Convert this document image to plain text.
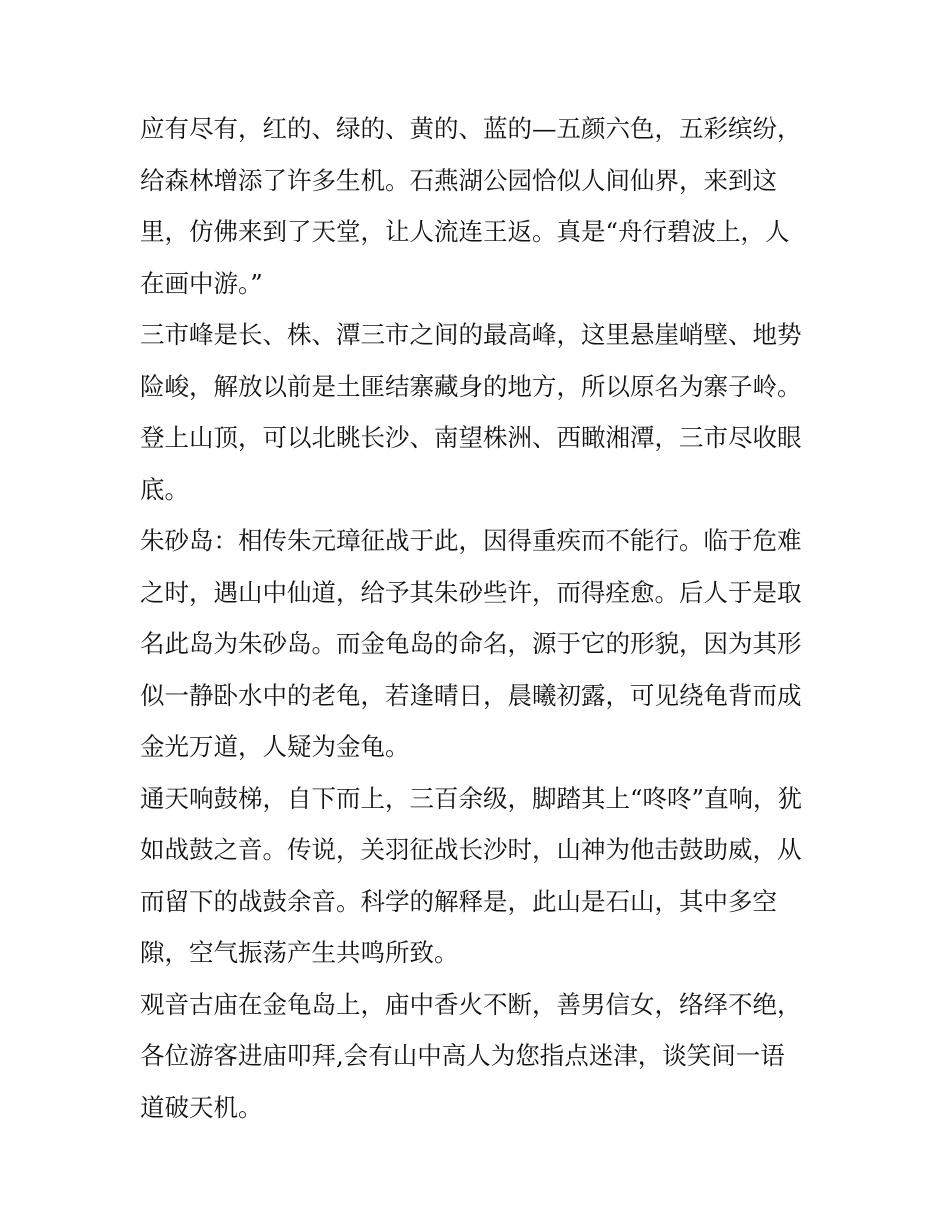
应有尽有，红的、绿的、黄的、蓝的—五颜六色，五彩缤纷，
给森林增添了许多生机。石燕湖公园恰似人间仙界，来到这
里，仿佛来到了天堂，让人流连王返。真是“舟行碧波上，人
在画中游。”
三市峰是长、株、潭三市之间的最高峰，这里悬崖峭壁、地势
险峻，解放以前是土匪结寨藏身的地方，所以原名为寨子岭。
登上山顶，可以北眺长沙、南望株洲、西瞰湘潭，三市尽收眼
底。
朱砂岛：相传朱元璋征战于此，因得重疾而不能行。临于危难
之时，遇山中仙道，给予其朱砂些许，而得痊愈。后人于是取
名此岛为朱砂岛。而金龟岛的命名，源于它的形貌，因为其形
似一静卧水中的老龟，若逢晴日，晨曦初露，可见绕龟背而成
金光万道，人疑为金龟。
通天响鼓梯，自下而上，三百余级，脚踏其上“咚咚”直响，犹
如战鼓之音。传说，关羽征战长沙时，山神为他击鼓助威，从
而留下的战鼓余音。科学的解释是，此山是石山，其中多空
隙，空气振荡产生共鸣所致。
观音古庙在金龟岛上，庙中香火不断，善男信女，络绎不绝，
各位游客进庙叩拜,会有山中高人为您指点迷津，谈笑间一语
道破天机。
